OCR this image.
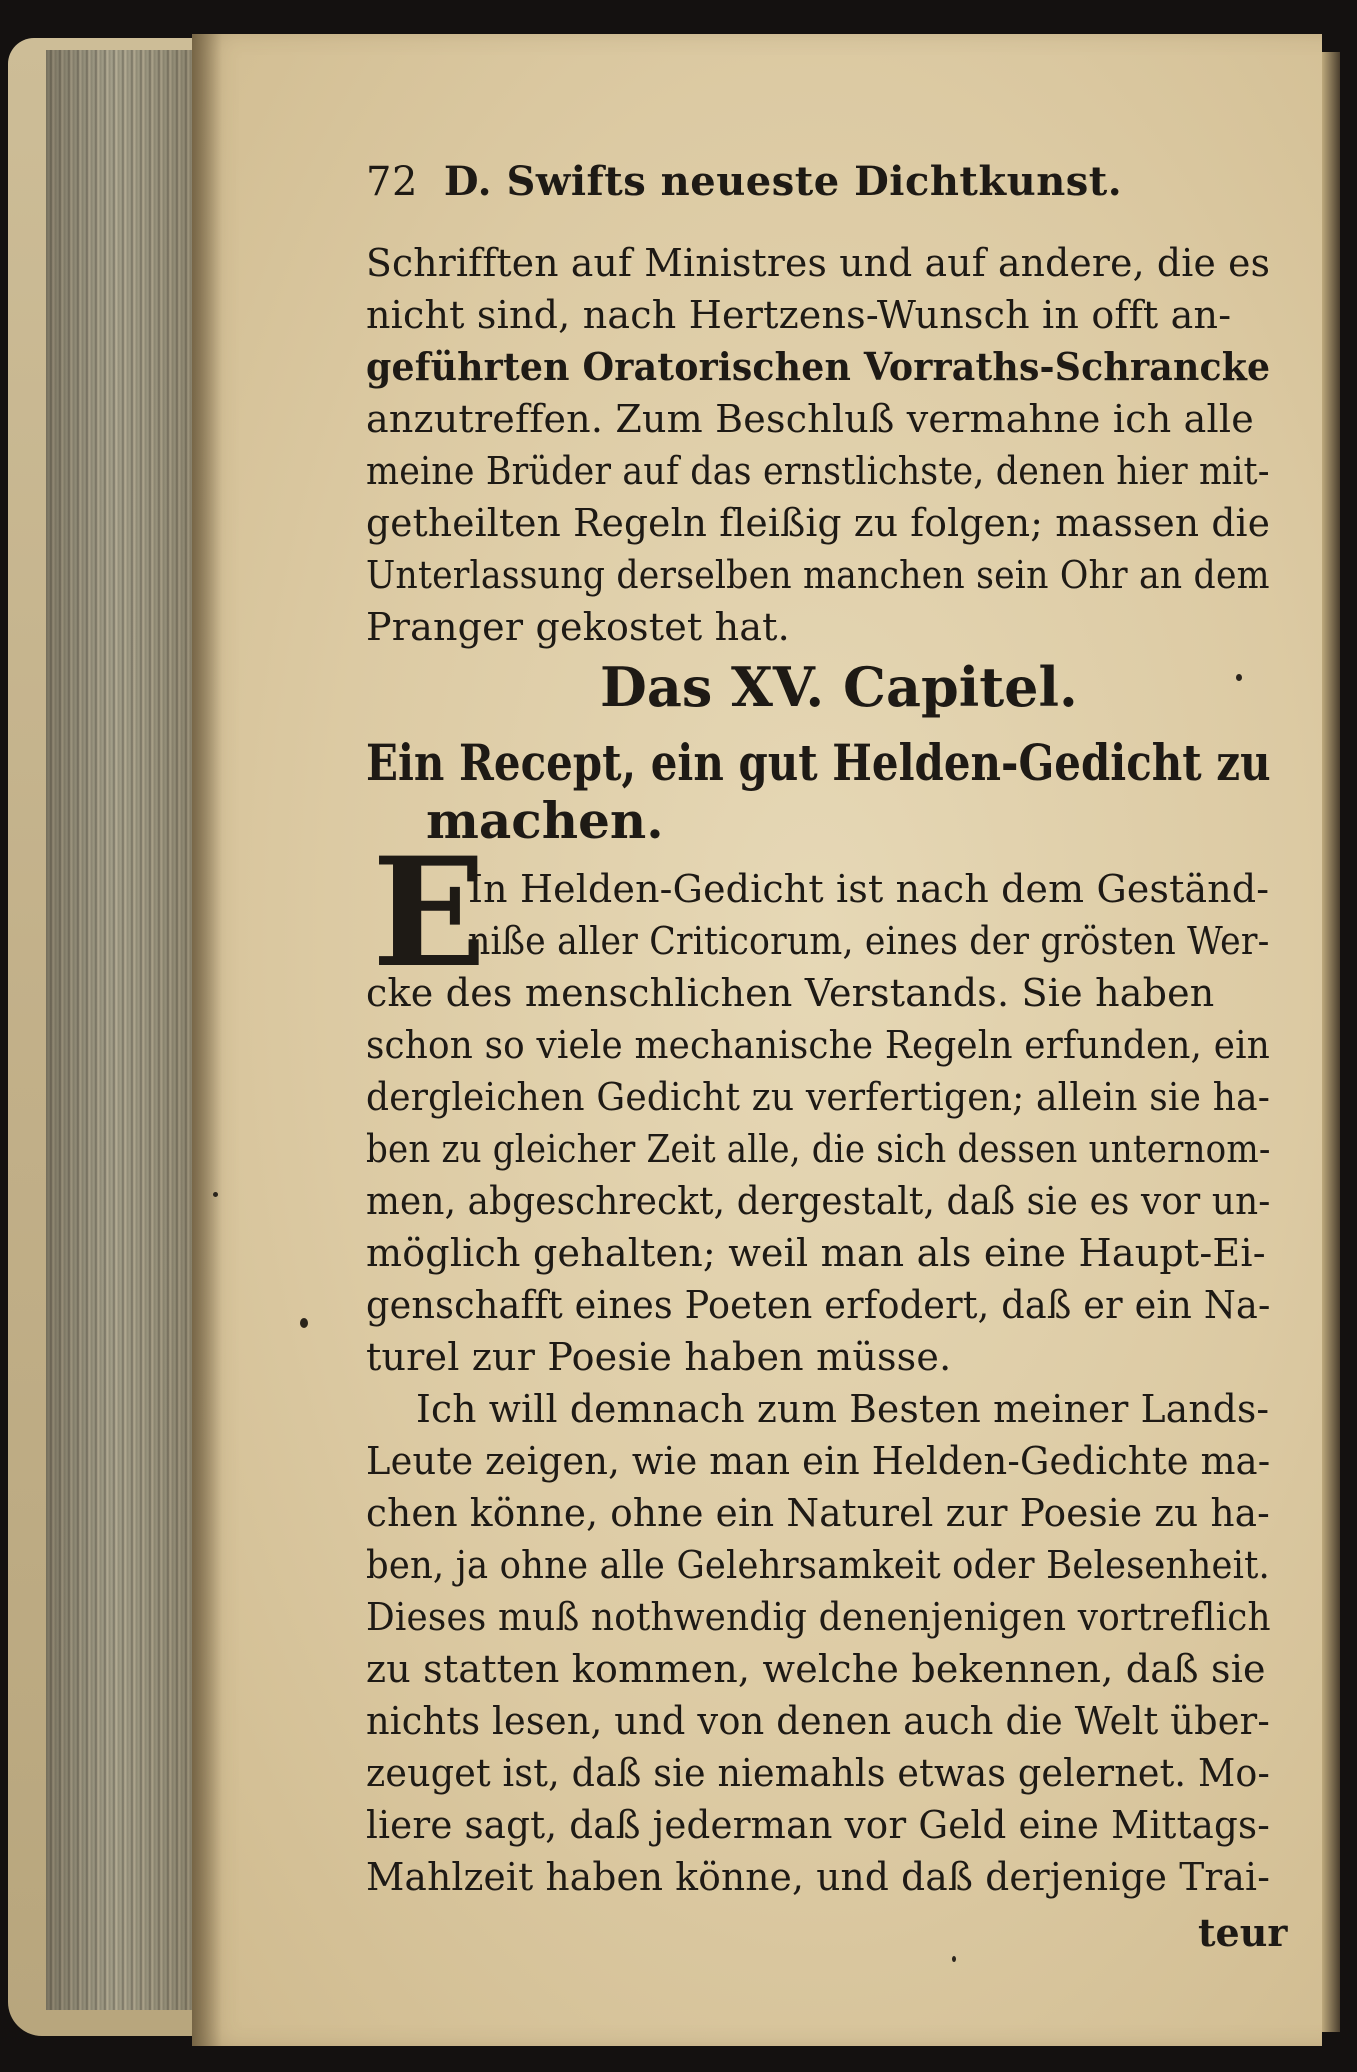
72 D. Swifts neueste Dichtkunst.
Schrifften auf Ministres und auf andere, die es
nicht sind, nach Hertzens-Wunsch in offt an-
geführten Oratorischen Vorraths-Schrancke
anzutreffen. Zum Beschluß vermahne ich alle
meine Brüder auf das ernstlichste, denen hier mit-
getheilten Regeln fleißig zu folgen; massen die
Unterlassung derselben manchen sein Ohr an dem
Pranger gekostet hat.
Das XV. Capitel.
Ein Recept, ein gut Helden-Gedicht zu
machen.
E
In Helden-Gedicht ist nach dem Geständ-
niße aller Criticorum, eines der grösten Wer-
cke des menschlichen Verstands. Sie haben
schon so viele mechanische Regeln erfunden, ein
dergleichen Gedicht zu verfertigen; allein sie ha-
ben zu gleicher Zeit alle, die sich dessen unternom-
men, abgeschreckt, dergestalt, daß sie es vor un-
möglich gehalten; weil man als eine Haupt-Ei-
genschafft eines Poeten erfodert, daß er ein Na-
turel zur Poesie haben müsse.
Ich will demnach zum Besten meiner Lands-
Leute zeigen, wie man ein Helden-Gedichte ma-
chen könne, ohne ein Naturel zur Poesie zu ha-
ben, ja ohne alle Gelehrsamkeit oder Belesenheit.
Dieses muß nothwendig denenjenigen vortreflich
zu statten kommen, welche bekennen, daß sie
nichts lesen, und von denen auch die Welt über-
zeuget ist, daß sie niemahls etwas gelernet. Mo-
liere sagt, daß jederman vor Geld eine Mittags-
Mahlzeit haben könne, und daß derjenige Trai-
teur
